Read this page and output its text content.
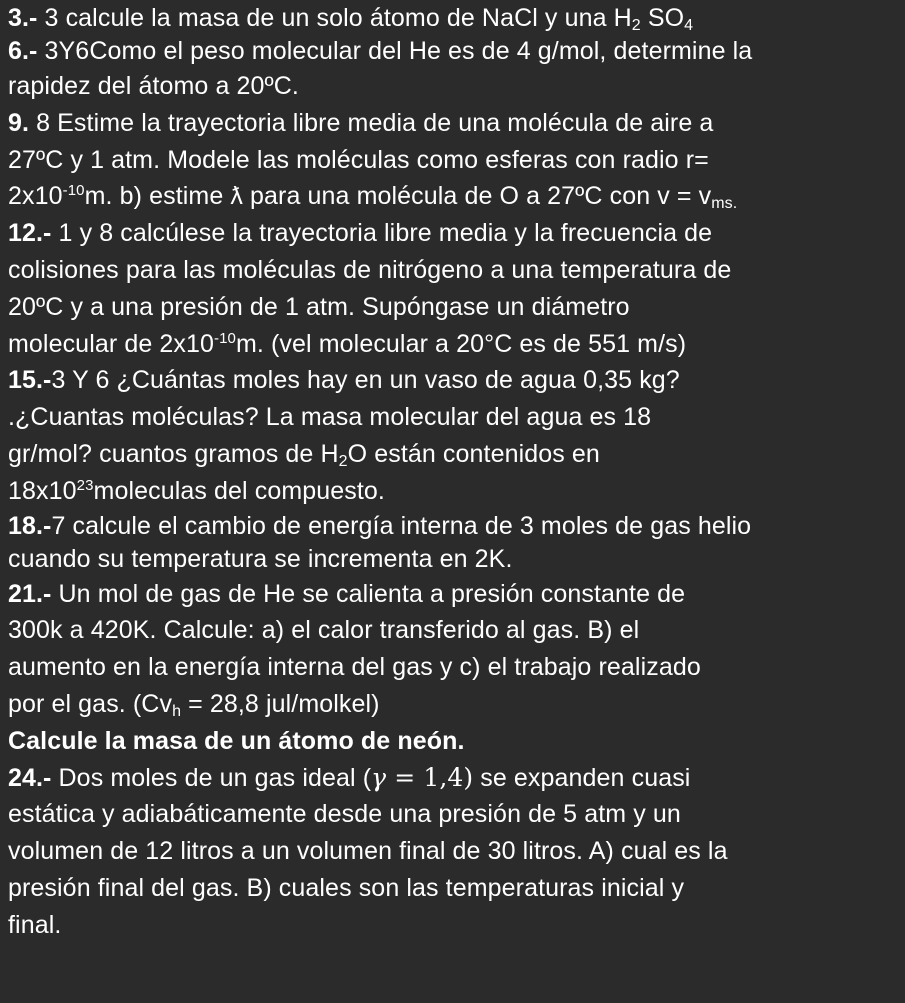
3.- 3 calcule la masa de un solo átomo de NaCl y una $H_2$ $SO_4$
6.- 3Y6Como el peso molecular del He es de 4 g/mol, determine la
rapidez del átomo a 20ºC.
9. 8 Estime la trayectoria libre media de una molécula de aire a
27ºC y 1 atm. Modele las moléculas como esferas con radio r=
$2x10^{-10}m$. b) estime ƛ para una molécula de O a 27ºC con $v = v_{ms.}$
12.- 1 y 8 calcúlese la trayectoria libre media y la frecuencia de
colisiones para las moléculas de nitrógeno a una temperatura de
20ºC y a una presión de 1 atm. Supóngase un diámetro
molecular de $2x10^{-10}m$. (vel molecular a 20°C es de 551 m/s)
15.-3 Y 6 ¿Cuántas moles hay en un vaso de agua 0,35 kg?
.¿Cuantas moléculas? La masa molecular del agua es 18
gr/mol? cuantos gramos de $H_2O$ están contenidos en
$18x10^{23}moleculas$ del compuesto.
18.-7 calcule el cambio de energía interna de 3 moles de gas helio
cuando su temperatura se incrementa en 2K.
21.- Un mol de gas de He se calienta a presión constante de
300k a 420K. Calcule: a) el calor transferido al gas. B) el
aumento en la energía interna del gas y c) el trabajo realizado
por el gas. ($Cv_h = 28,8$ jul/molkel)
Calcule la masa de un átomo de neón.
24.- Dos moles de un gas ideal (γ = 1,4) se expanden cuasi
estática y adiabáticamente desde una presión de 5 atm y un
volumen de 12 litros a un volumen final de 30 litros. A) cual es la
presión final del gas. B) cuales son las temperaturas inicial y
final.
